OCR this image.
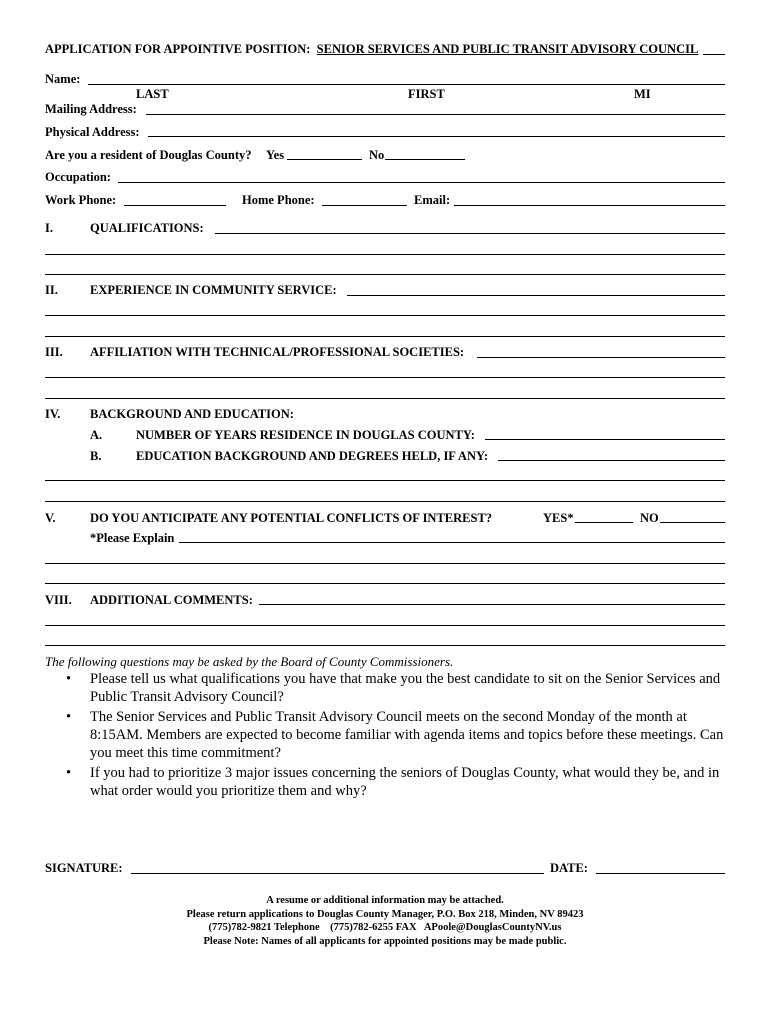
APPLICATION FOR APPOINTIVE POSITION: SENIOR SERVICES AND PUBLIC TRANSIT ADVISORY COUNCIL
Name:
LAST	FIRST	MI
Mailing Address:
Physical Address:
Are you a resident of Douglas County? Yes	No
Occupation:
Work Phone:	Home Phone:	Email:
I.	QUALIFICATIONS:
II.	EXPERIENCE IN COMMUNITY SERVICE:
III. AFFILIATION WITH TECHNICAL/PROFESSIONAL SOCIETIES:
IV. BACKGROUND AND EDUCATION:
A.	NUMBER OF YEARS RESIDENCE IN DOUGLAS COUNTY:
B.	EDUCATION BACKGROUND AND DEGREES HELD, IF ANY:
V.	DO YOU ANTICIPATE ANY POTENTIAL CONFLICTS OF INTEREST?	YES*	NO
*Please Explain
VIII. ADDITIONAL COMMENTS:
The following questions may be asked by the Board of County Commissioners.
• Please tell us what qualifications you have that make you the best candidate to sit on the Senior Services and Public Transit Advisory Council?
• The Senior Services and Public Transit Advisory Council meets on the second Monday of the month at 8:15AM. Members are expected to become familiar with agenda items and topics before these meetings. Can you meet this time commitment?
• If you had to prioritize 3 major issues concerning the seniors of Douglas County, what would they be, and in what order would you prioritize them and why?
SIGNATURE:	DATE:
A resume or additional information may be attached.
Please return applications to Douglas County Manager, P.O. Box 218, Minden, NV 89423
(775)782-9821 Telephone    (775)782-6255 FAX   APoole@DouglasCountyNV.us
Please Note: Names of all applicants for appointed positions may be made public.
